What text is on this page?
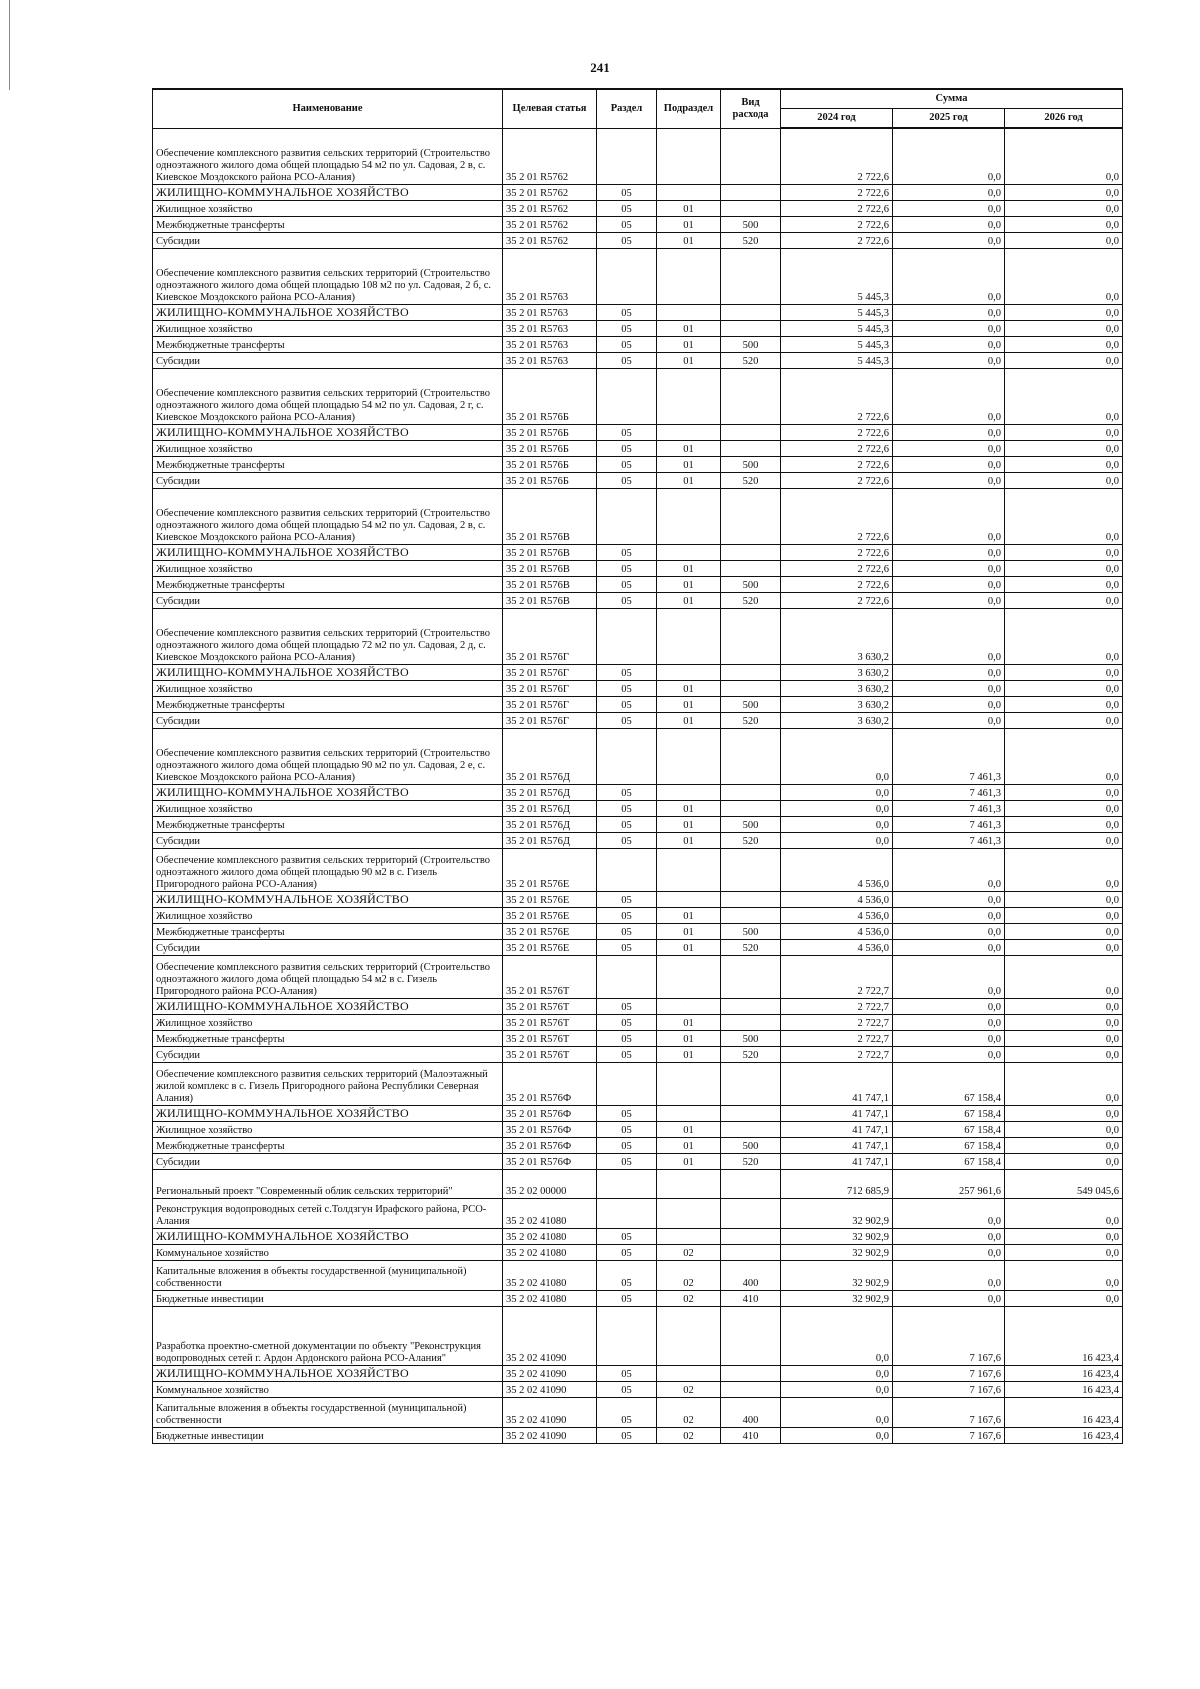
241
Наименование	Целевая статья	Раздел	Подраздел	Вид расхода	Сумма		
					2024 год	2025 год	2026 год
Обеспечение комплексного развития сельских территорий (Строительство одноэтажного жилого дома общей площадью 54 м2 по ул. Садовая, 2 в, с. Киевское Моздокского района РСО-Алания)	35 2 01 R5762				2 722,6	0,0	0,0
ЖИЛИЩНО-КОММУНАЛЬНОЕ ХОЗЯЙСТВО	35 2 01 R5762	05			2 722,6	0,0	0,0
Жилищное хозяйство	35 2 01 R5762	05	01		2 722,6	0,0	0,0
Межбюджетные трансферты	35 2 01 R5762	05	01	500	2 722,6	0,0	0,0
Субсидии	35 2 01 R5762	05	01	520	2 722,6	0,0	0,0
Обеспечение комплексного развития сельских территорий (Строительство одноэтажного жилого дома общей площадью 108 м2 по ул. Садовая, 2 б, с. Киевское Моздокского района РСО-Алания)	35 2 01 R5763				5 445,3	0,0	0,0
ЖИЛИЩНО-КОММУНАЛЬНОЕ ХОЗЯЙСТВО	35 2 01 R5763	05			5 445,3	0,0	0,0
Жилищное хозяйство	35 2 01 R5763	05	01		5 445,3	0,0	0,0
Межбюджетные трансферты	35 2 01 R5763	05	01	500	5 445,3	0,0	0,0
Субсидии	35 2 01 R5763	05	01	520	5 445,3	0,0	0,0
Обеспечение комплексного развития сельских территорий (Строительство одноэтажного жилого дома общей площадью 54 м2 по ул. Садовая, 2 г, с. Киевское Моздокского района РСО-Алания)	35 2 01 R576Б				2 722,6	0,0	0,0
ЖИЛИЩНО-КОММУНАЛЬНОЕ ХОЗЯЙСТВО	35 2 01 R576Б	05			2 722,6	0,0	0,0
Жилищное хозяйство	35 2 01 R576Б	05	01		2 722,6	0,0	0,0
Межбюджетные трансферты	35 2 01 R576Б	05	01	500	2 722,6	0,0	0,0
Субсидии	35 2 01 R576Б	05	01	520	2 722,6	0,0	0,0
Обеспечение комплексного развития сельских территорий (Строительство одноэтажного жилого дома общей площадью 54 м2 по ул. Садовая, 2 в, с. Киевское Моздокского района РСО-Алания)	35 2 01 R576В				2 722,6	0,0	0,0
ЖИЛИЩНО-КОММУНАЛЬНОЕ ХОЗЯЙСТВО	35 2 01 R576В	05			2 722,6	0,0	0,0
Жилищное хозяйство	35 2 01 R576В	05	01		2 722,6	0,0	0,0
Межбюджетные трансферты	35 2 01 R576В	05	01	500	2 722,6	0,0	0,0
Субсидии	35 2 01 R576В	05	01	520	2 722,6	0,0	0,0
Обеспечение комплексного развития сельских территорий (Строительство одноэтажного жилого дома общей площадью 72 м2 по ул. Садовая, 2 д, с. Киевское Моздокского района РСО-Алания)	35 2 01 R576Г				3 630,2	0,0	0,0
ЖИЛИЩНО-КОММУНАЛЬНОЕ ХОЗЯЙСТВО	35 2 01 R576Г	05			3 630,2	0,0	0,0
Жилищное хозяйство	35 2 01 R576Г	05	01		3 630,2	0,0	0,0
Межбюджетные трансферты	35 2 01 R576Г	05	01	500	3 630,2	0,0	0,0
Субсидии	35 2 01 R576Г	05	01	520	3 630,2	0,0	0,0
Обеспечение комплексного развития сельских территорий (Строительство одноэтажного жилого дома общей площадью 90 м2 по ул. Садовая, 2 е, с. Киевское Моздокского района РСО-Алания)	35 2 01 R576Д				0,0	7 461,3	0,0
ЖИЛИЩНО-КОММУНАЛЬНОЕ ХОЗЯЙСТВО	35 2 01 R576Д	05			0,0	7 461,3	0,0
Жилищное хозяйство	35 2 01 R576Д	05	01		0,0	7 461,3	0,0
Межбюджетные трансферты	35 2 01 R576Д	05	01	500	0,0	7 461,3	0,0
Субсидии	35 2 01 R576Д	05	01	520	0,0	7 461,3	0,0
Обеспечение комплексного развития сельских территорий (Строительство одноэтажного жилого дома общей площадью 90 м2 в с. Гизель Пригородного района РСО-Алания)	35 2 01 R576Е				4 536,0	0,0	0,0
ЖИЛИЩНО-КОММУНАЛЬНОЕ ХОЗЯЙСТВО	35 2 01 R576Е	05			4 536,0	0,0	0,0
Жилищное хозяйство	35 2 01 R576Е	05	01		4 536,0	0,0	0,0
Межбюджетные трансферты	35 2 01 R576Е	05	01	500	4 536,0	0,0	0,0
Субсидии	35 2 01 R576Е	05	01	520	4 536,0	0,0	0,0
Обеспечение комплексного развития сельских территорий (Строительство одноэтажного жилого дома общей площадью 54 м2 в с. Гизель Пригородного района РСО-Алания)	35 2 01 R576Т				2 722,7	0,0	0,0
ЖИЛИЩНО-КОММУНАЛЬНОЕ ХОЗЯЙСТВО	35 2 01 R576Т	05			2 722,7	0,0	0,0
Жилищное хозяйство	35 2 01 R576Т	05	01		2 722,7	0,0	0,0
Межбюджетные трансферты	35 2 01 R576Т	05	01	500	2 722,7	0,0	0,0
Субсидии	35 2 01 R576Т	05	01	520	2 722,7	0,0	0,0
Обеспечение комплексного развития сельских территорий (Малоэтажный жилой комплекс в с. Гизель Пригородного района Республики Северная Алания)	35 2 01 R576Ф				41 747,1	67 158,4	0,0
ЖИЛИЩНО-КОММУНАЛЬНОЕ ХОЗЯЙСТВО	35 2 01 R576Ф	05			41 747,1	67 158,4	0,0
Жилищное хозяйство	35 2 01 R576Ф	05	01		41 747,1	67 158,4	0,0
Межбюджетные трансферты	35 2 01 R576Ф	05	01	500	41 747,1	67 158,4	0,0
Субсидии	35 2 01 R576Ф	05	01	520	41 747,1	67 158,4	0,0
Региональный проект "Современный облик сельских территорий"	35 2 02 00000				712 685,9	257 961,6	549 045,6
Реконструкция водопроводных сетей с.Толдзгун Ирафского района, РСО-Алания	35 2 02 41080				32 902,9	0,0	0,0
ЖИЛИЩНО-КОММУНАЛЬНОЕ ХОЗЯЙСТВО	35 2 02 41080	05			32 902,9	0,0	0,0
Коммунальное хозяйство	35 2 02 41080	05	02		32 902,9	0,0	0,0
Капитальные вложения в объекты государственной (муниципальной) собственности	35 2 02 41080	05	02	400	32 902,9	0,0	0,0
Бюджетные инвестиции	35 2 02 41080	05	02	410	32 902,9	0,0	0,0
Разработка проектно-сметной документации по объекту "Реконструкция водопроводных сетей г. Ардон Ардонского района РСО-Алания"	35 2 02 41090				0,0	7 167,6	16 423,4
ЖИЛИЩНО-КОММУНАЛЬНОЕ ХОЗЯЙСТВО	35 2 02 41090	05			0,0	7 167,6	16 423,4
Коммунальное хозяйство	35 2 02 41090	05	02		0,0	7 167,6	16 423,4
Капитальные вложения в объекты государственной (муниципальной) собственности	35 2 02 41090	05	02	400	0,0	7 167,6	16 423,4
Бюджетные инвестиции	35 2 02 41090	05	02	410	0,0	7 167,6	16 423,4
